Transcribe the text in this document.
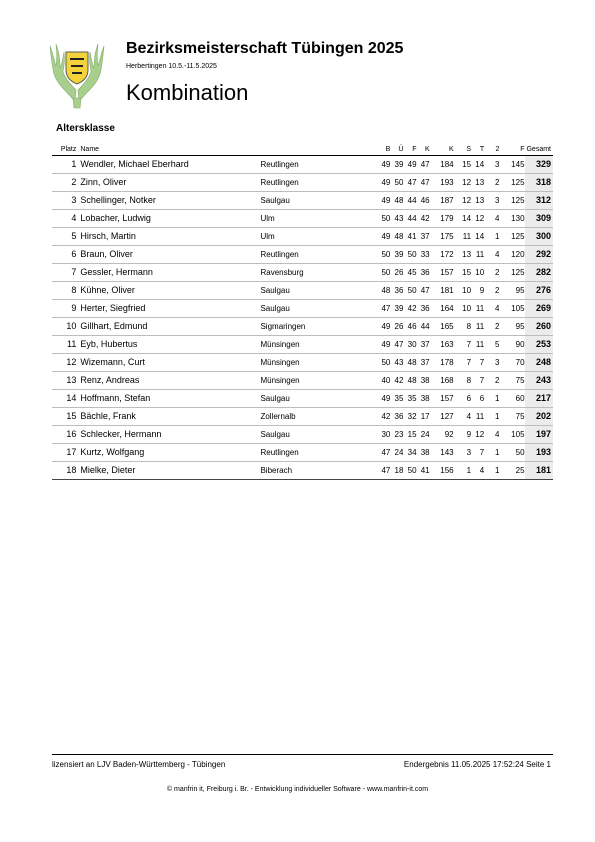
Bezirksmeisterschaft Tübingen 2025
Herbertingen 10.5.-11.5.2025
Kombination
Altersklasse
Platz	Name		B	Ü	F	K	K	S	T	2	F	Gesamt
1	Wendler, Michael Eberhard	Reutlingen	49	39	49	47	184	15	14	3	145	329
2	Zinn, Oliver	Reutlingen	49	50	47	47	193	12	13	2	125	318
3	Schellinger, Notker	Saulgau	49	48	44	46	187	12	13	3	125	312
4	Lobacher, Ludwig	Ulm	50	43	44	42	179	14	12	4	130	309
5	Hirsch, Martin	Ulm	49	48	41	37	175	11	14	1	125	300
6	Braun, Oliver	Reutlingen	50	39	50	33	172	13	11	4	120	292
7	Gessler, Hermann	Ravensburg	50	26	45	36	157	15	10	2	125	282
8	Kühne, Oliver	Saulgau	48	36	50	47	181	10	9	2	95	276
9	Herter, Siegfried	Saulgau	47	39	42	36	164	10	11	4	105	269
10	Gillhart, Edmund	Sigmaringen	49	26	46	44	165	8	11	2	95	260
11	Eyb, Hubertus	Münsingen	49	47	30	37	163	7	11	5	90	253
12	Wizemann, Curt	Münsingen	50	43	48	37	178	7	7	3	70	248
13	Renz, Andreas	Münsingen	40	42	48	38	168	8	7	2	75	243
14	Hoffmann, Stefan	Saulgau	49	35	35	38	157	6	6	1	60	217
15	Bächle, Frank	Zollernalb	42	36	32	17	127	4	11	1	75	202
16	Schlecker, Hermann	Saulgau	30	23	15	24	92	9	12	4	105	197
17	Kurtz, Wolfgang	Reutlingen	47	24	34	38	143	3	7	1	50	193
18	Mielke, Dieter	Biberach	47	18	50	41	156	1	4	1	25	181
lizensiert an LJV Baden-Württemberg - Tübingen	Endergebnis 11.05.2025 17:52:24 Seite 1
© manfrin it, Freiburg i. Br. - Entwicklung individueller Software - www.manfrin-it.com
